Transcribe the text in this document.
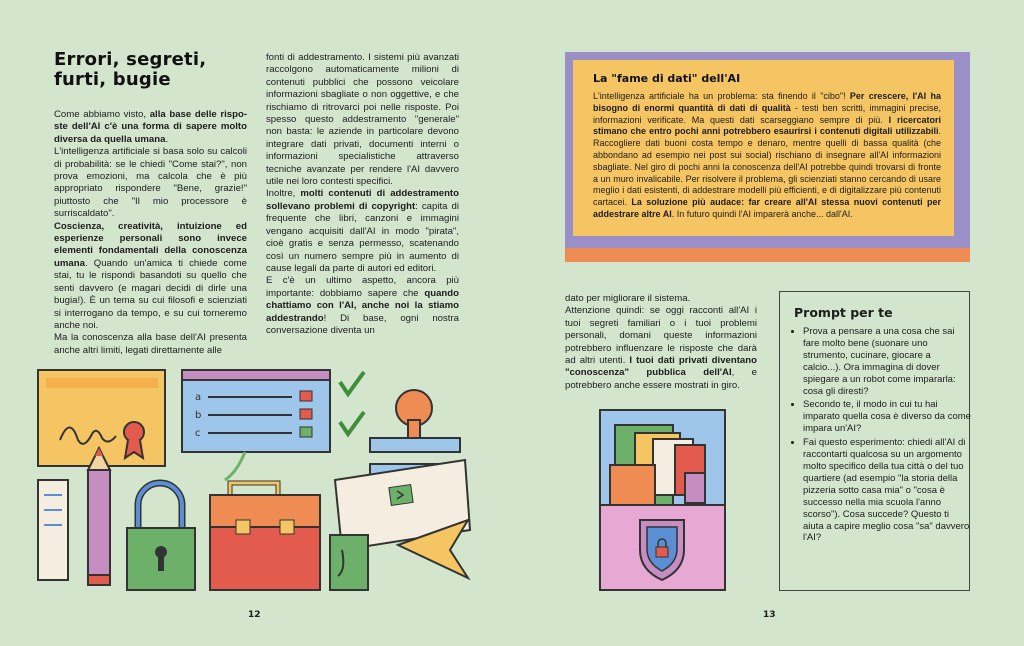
Errori, segreti, furti, bugie

Come abbiamo visto, alla base delle risposte dell'AI c'è una forma di sapere molto diversa da quella umana.

L'intelligenza artificiale si basa solo su calcoli di probabilità: se le chiedi "Come stai?", non prova emozioni, ma calcola che è più appropriato rispondere "Bene, grazie!" piuttosto che "Il mio processore è surriscaldato".

Coscienza, creatività, intuizione ed esperienze personali sono invece elementi fondamentali della conoscenza umana. Quando un'amica ti chiede come stai, tu le rispondi basandoti su quello che senti davvero (e magari decidi di dirle una bugia!). È un tema su cui filosofi e scienziati si interrogano da tempo, e su cui torneremo anche noi.

Ma la conoscenza alla base dell'AI presenta anche altri limiti, legati direttamente alle

fonti di addestramento. I sistemi più avanzati raccolgono automaticamente milioni di contenuti pubblici che possono veicolare informazioni sbagliate o non oggettive, e che rischiamo di ritrovarci poi nelle risposte. Poi spesso questo addestramento "generale" non basta: le aziende in particolare devono integrare dati privati, documenti interni o informazioni specialistiche attraverso tecniche avanzate per rendere l'AI davvero utile nei loro contesti specifici.

Inoltre, molti contenuti di addestramento sollevano problemi di copyright: capita di frequente che libri, canzoni e immagini vengano acquisiti dall'AI in modo "pirata", cioè gratis e senza permesso, scatenando così un numero sempre più in aumento di cause legali da parte di autori ed editori.

E c'è un ultimo aspetto, ancora più importante: dobbiamo sapere che quando chattiamo con l'AI, anche noi la stiamo addestrando! Di base, ogni nostra conversazione diventa un

a
b
c
12
La "fame di dati" dell'AI
L'intelligenza artificiale ha un problema: sta finendo il "cibo"! Per crescere, l'AI ha bisogno di enormi quantità di dati di qualità - testi ben scritti, immagini precise, informazioni verificate. Ma questi dati scarseggiano sempre di più. I ricercatori stimano che entro pochi anni potrebbero esaurirsi i contenuti digitali utilizzabili. Raccogliere dati buoni costa tempo e denaro, mentre quelli di bassa qualità (che abbondano ad esempio nei post sui social) rischiano di insegnare all'AI informazioni sbagliate. Nel giro di pochi anni la conoscenza dell'AI potrebbe quindi trovarsi di fronte a un muro invalicabile. Per risolvere il problema, gli scienziati stanno cercando di usare meglio i dati esistenti, di addestrare modelli più efficienti, e di digitalizzare più contenuti cartacei. La soluzione più audace: far creare all'AI stessa nuovi contenuti per addestrare altre AI. In futuro quindi l'AI imparerà anche... dall'AI.

dato per migliorare il sistema.

Attenzione quindi: se oggi racconti all'AI i tuoi segreti familiari o i tuoi problemi personali, domani queste informazioni potrebbero influenzare le risposte che darà ad altri utenti. I tuoi dati privati diventano "conoscenza" pubblica dell'AI, e potrebbero anche essere mostrati in giro.

Prompt per te
• Prova a pensare a una cosa che sai fare molto bene (suonare uno strumento, cucinare, giocare a calcio...). Ora immagina di dover spiegare a un robot come impararla: cosa gli diresti?
• Secondo te, il modo in cui tu hai imparato quella cosa è diverso da come impara un'AI?
• Fai questo esperimento: chiedi all'AI di raccontarti qualcosa su un argomento molto specifico della tua città o del tuo quartiere (ad esempio "la storia della pizzeria sotto casa mia" o "cosa è successo nella mia scuola l'anno scorso"). Cosa succede? Questo ti aiuta a capire meglio cosa "sa" davvero l'AI?
13
